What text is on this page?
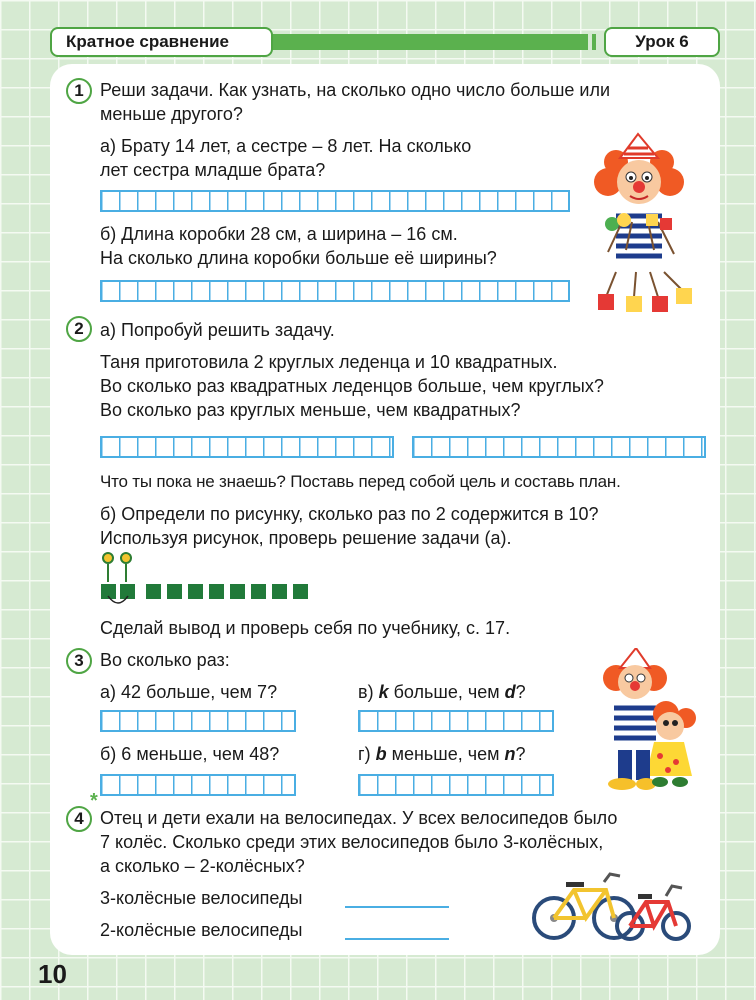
Кратное сравнение	Урок 6
1 Реши задачи. Как узнать, на сколько одно число больше или
меньше другого?
а) Брату 14 лет, а сестре – 8 лет. На сколько
лет сестра младше брата?
б) Длина коробки 28 см, а ширина – 16 см.
На сколько длина коробки больше её ширины?
2 а) Попробуй решить задачу.
Таня приготовила 2 круглых леденца и 10 квадратных.
Во сколько раз квадратных леденцов больше, чем круглых?
Во сколько раз круглых меньше, чем квадратных?
Что ты пока не знаешь? Поставь перед собой цель и составь план.
б) Определи по рисунку, сколько раз по 2 содержится в 10?
Используя рисунок, проверь решение задачи (а).
Сделай вывод и проверь себя по учебнику, с. 17.
3 Во сколько раз:
а) 42 больше, чем 7?	в) k больше, чем d?
б) 6 меньше, чем 48?	г) b меньше, чем n?
4
*
Отец и дети ехали на велосипедах. У всех велосипедов было
7 колёс. Сколько среди этих велосипедов было 3-колёсных,
а сколько – 2-колёсных?
3-колёсные велосипеды
2-колёсные велосипеды
10
